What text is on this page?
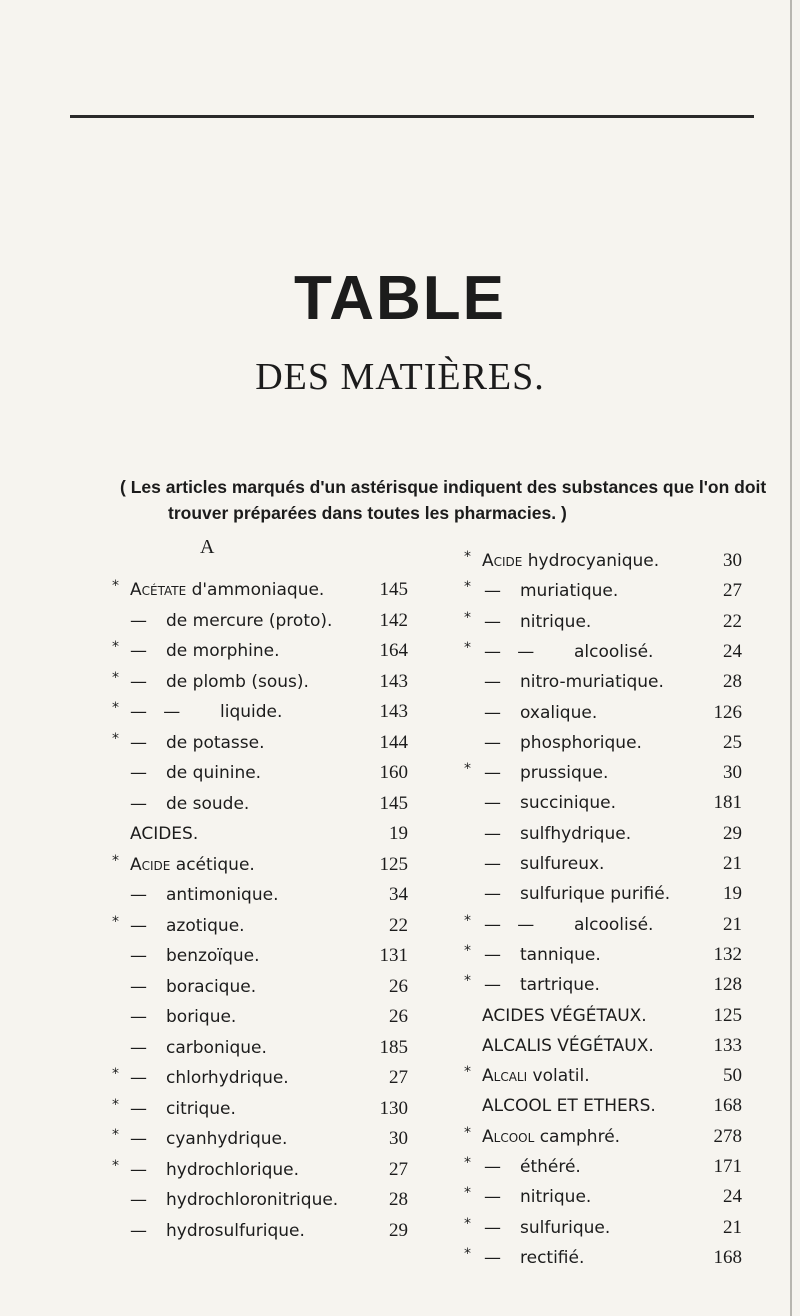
TABLE
DES MATIÈRES.
( Les articles marqués d'un astérisque indiquent des substances que l'on doit
trouver préparées dans toutes les pharmacies. )
A
* Acétate d'ammoniaque.	145
— de mercure (proto).	142
* — de morphine.	164
* — de plomb (sous).	143
* —   — liquide.	143
* — de potasse.	144
— de quinine.	160
— de soude.	145
ACIDES.	19
* Acide acétique.	125
— antimonique.	34
* — azotique.	22
— benzoïque.	131
— boracique.	26
— borique.	26
— carbonique.	185
* — chlorhydrique.	27
* — citrique.	130
* — cyanhydrique.	30
* — hydrochlorique.	27
— hydrochloronitrique.	28
— hydrosulfurique.	29
* Acide hydrocyanique.	30
* — muriatique.	27
* — nitrique.	22
* —   — alcoolisé.	24
— nitro-muriatique.	28
— oxalique.	126
— phosphorique.	25
* — prussique.	30
— succinique.	181
— sulfhydrique.	29
— sulfureux.	21
— sulfurique purifié.	19
* —   — alcoolisé.	21
* — tannique.	132
* — tartrique.	128
ACIDES VÉGÉTAUX.	125
ALCALIS VÉGÉTAUX.	133
* Alcali volatil.	50
ALCOOL ET ETHERS.	168
* Alcool camphré.	278
* — éthéré.	171
* — nitrique.	24
* — sulfurique.	21
* — rectifié.	168
